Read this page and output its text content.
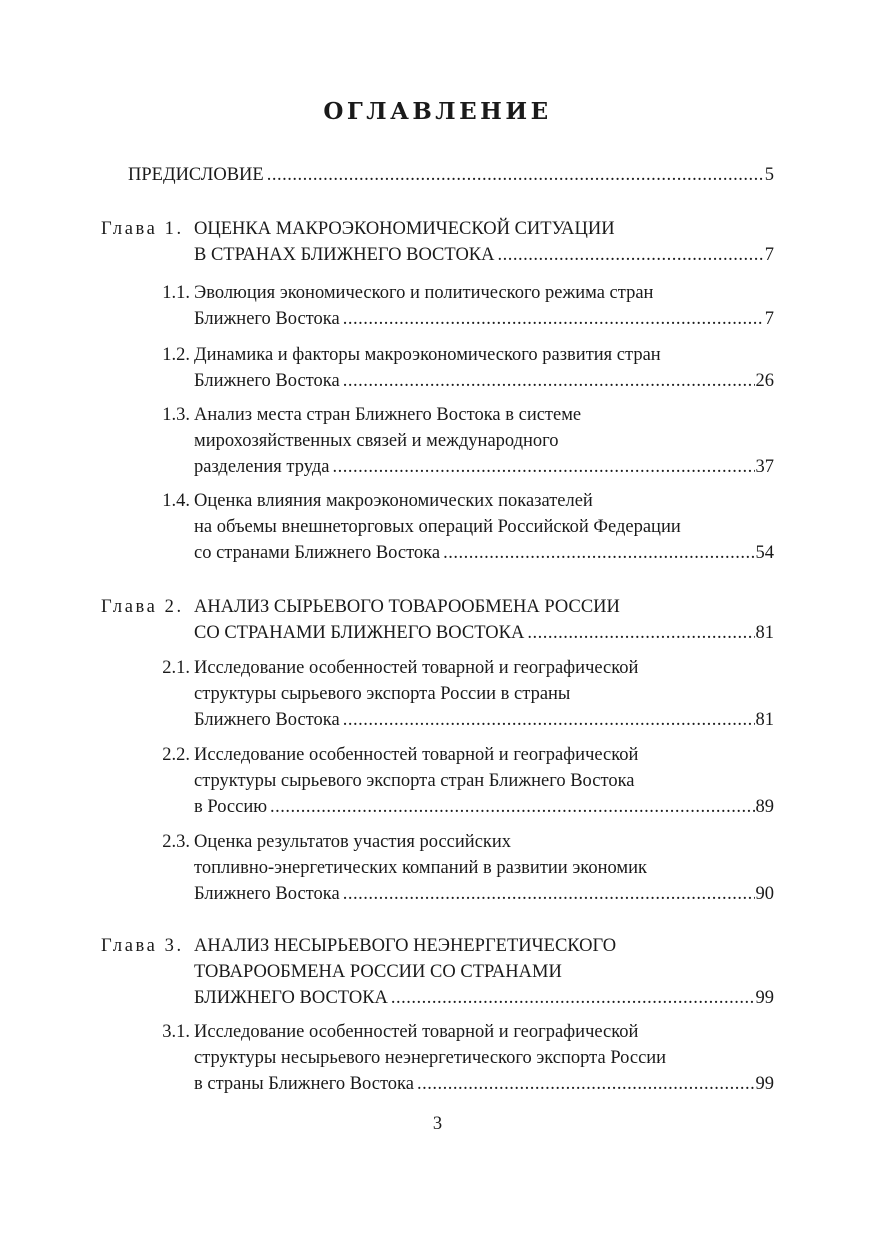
ОГЛАВЛЕНИЕ
ПРЕДИСЛОВИЕ .....	5
Глава 1. ОЦЕНКА МАКРОЭКОНОМИЧЕСКОЙ СИТУАЦИИ
В СТРАНАХ БЛИЖНЕГО ВОСТОКА .....	7
1.1. Эволюция экономического и политического режима стран
Ближнего Востока .....	7
1.2. Динамика и факторы макроэкономического развития стран
Ближнего Востока .....	26
1.3. Анализ места стран Ближнего Востока в системе
мирохозяйственных связей и международного
разделения труда .....	37
1.4. Оценка влияния макроэкономических показателей
на объемы внешнеторговых операций Российской Федерации
со странами Ближнего Востока .....	54
Глава 2. АНАЛИЗ СЫРЬЕВОГО ТОВАРООБМЕНА РОССИИ
СО СТРАНАМИ БЛИЖНЕГО ВОСТОКА .....	81
2.1. Исследование особенностей товарной и географической
структуры сырьевого экспорта России в страны
Ближнего Востока .....	81
2.2. Исследование особенностей товарной и географической
структуры сырьевого экспорта стран Ближнего Востока
в Россию .....	89
2.3. Оценка результатов участия российских
топливно-энергетических компаний в развитии экономик
Ближнего Востока .....	90
Глава 3. АНАЛИЗ НЕСЫРЬЕВОГО НЕЭНЕРГЕТИЧЕСКОГО
ТОВАРООБМЕНА РОССИИ СО СТРАНАМИ
БЛИЖНЕГО ВОСТОКА .....	99
3.1. Исследование особенностей товарной и географической
структуры несырьевого неэнергетического экспорта России
в страны Ближнего Востока .....	99
3
